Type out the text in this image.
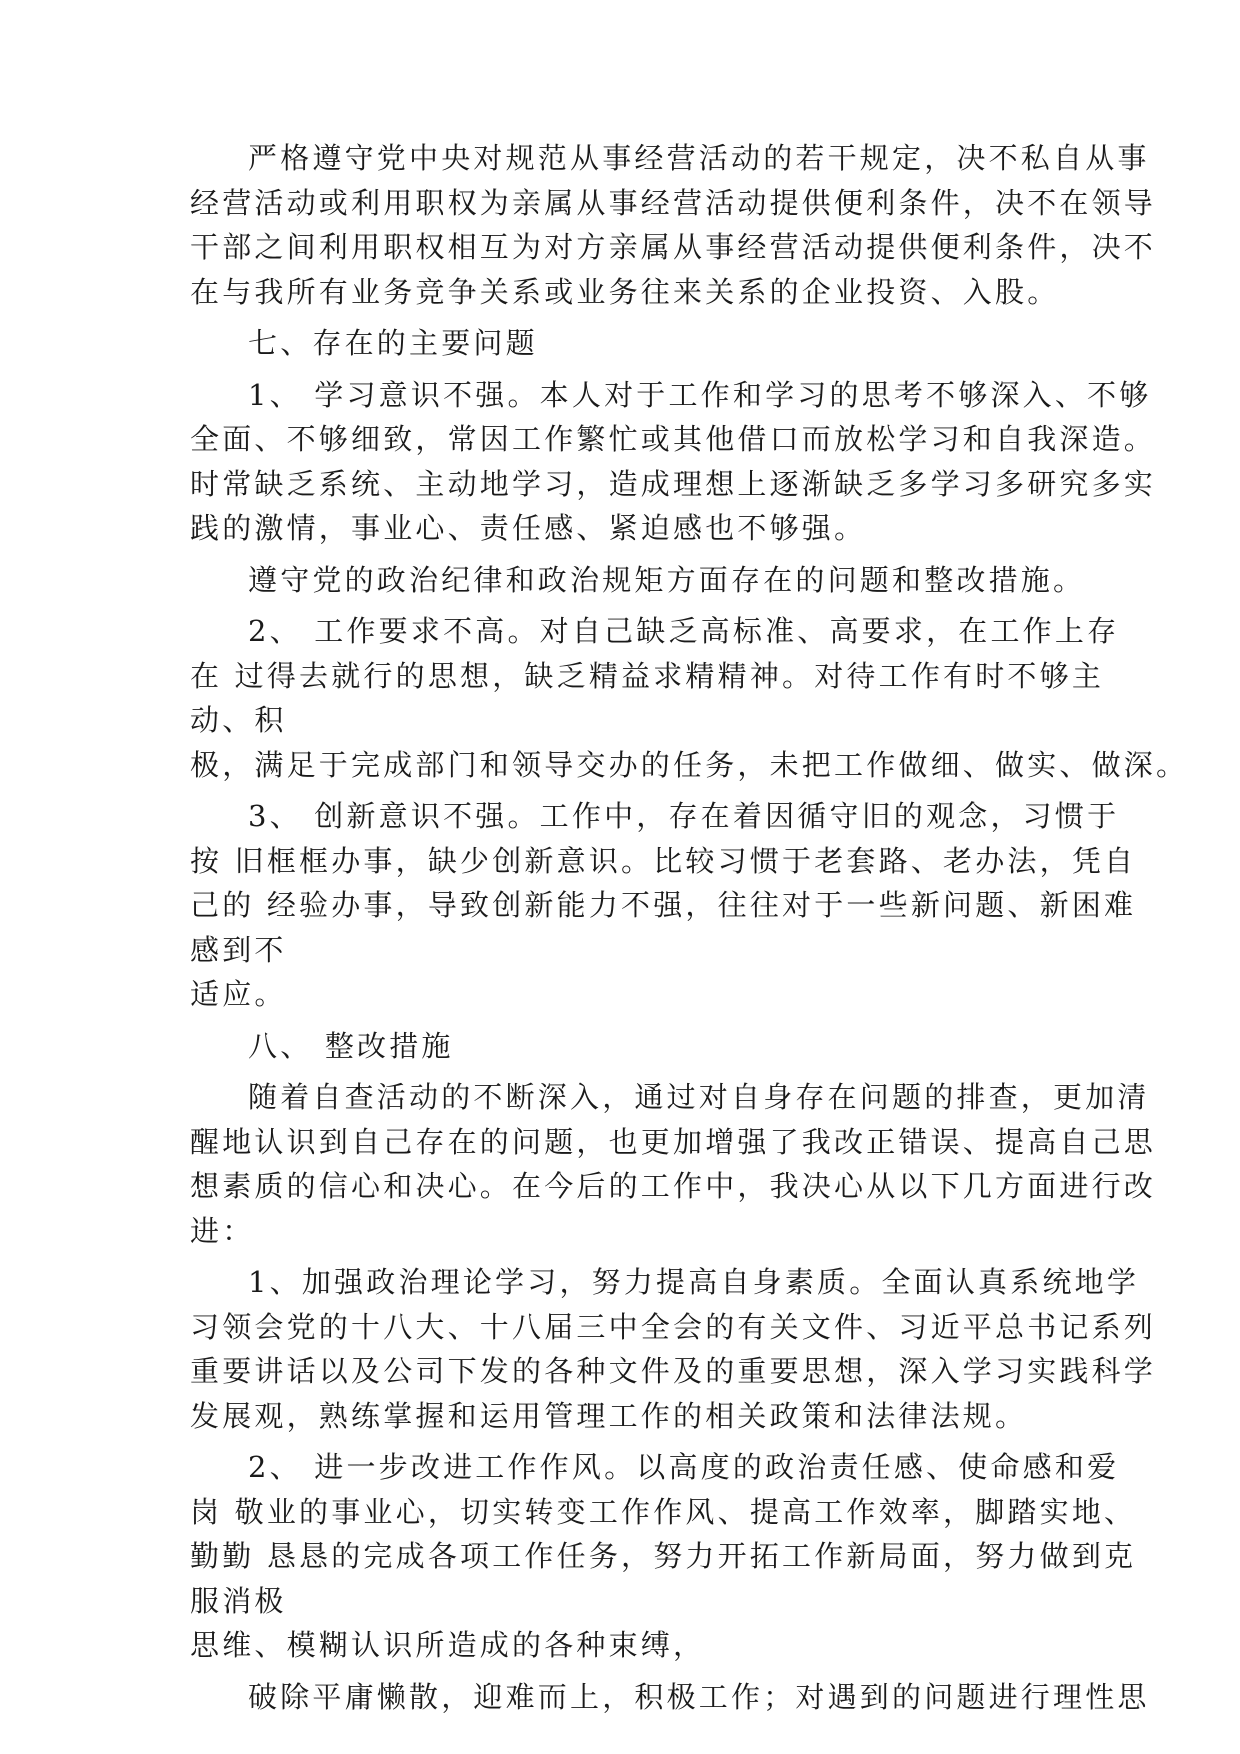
严格遵守党中央对规范从事经营活动的若干规定，决不私自从事
经营活动或利用职权为亲属从事经营活动提供便利条件，决不在领导
干部之间利用职权相互为对方亲属从事经营活动提供便利条件，决不
在与我所有业务竞争关系或业务往来关系的企业投资、入股。
七、存在的主要问题
1、 学习意识不强。本人对于工作和学习的思考不够深入、不够
全面、不够细致，常因工作繁忙或其他借口而放松学习和自我深造。
时常缺乏系统、主动地学习，造成理想上逐渐缺乏多学习多研究多实
践的激情，事业心、责任感、紧迫感也不够强。
遵守党的政治纪律和政治规矩方面存在的问题和整改措施。
2、 工作要求不高。对自己缺乏高标准、高要求，在工作上存
在 过得去就行的思想，缺乏精益求精精神。对待工作有时不够主
动、积
极，满足于完成部门和领导交办的任务，未把工作做细、做实、做深。
3、 创新意识不强。工作中，存在着因循守旧的观念，习惯于
按 旧框框办事，缺少创新意识。比较习惯于老套路、老办法，凭自
己的 经验办事，导致创新能力不强，往往对于一些新问题、新困难
感到不
适应。
八、 整改措施
随着自查活动的不断深入，通过对自身存在问题的排查，更加清
醒地认识到自己存在的问题，也更加增强了我改正错误、提高自己思
想素质的信心和决心。在今后的工作中，我决心从以下几方面进行改
进：
1、加强政治理论学习，努力提高自身素质。全面认真系统地学
习领会党的十八大、十八届三中全会的有关文件、习近平总书记系列
重要讲话以及公司下发的各种文件及的重要思想，深入学习实践科学
发展观，熟练掌握和运用管理工作的相关政策和法律法规。
2、 进一步改进工作作风。以高度的政治责任感、使命感和爱
岗 敬业的事业心，切实转变工作作风、提高工作效率，脚踏实地、
勤勤 恳恳的完成各项工作任务，努力开拓工作新局面，努力做到克
服消极
思维、模糊认识所造成的各种束缚，
破除平庸懒散，迎难而上，积极工作；对遇到的问题进行理性思
